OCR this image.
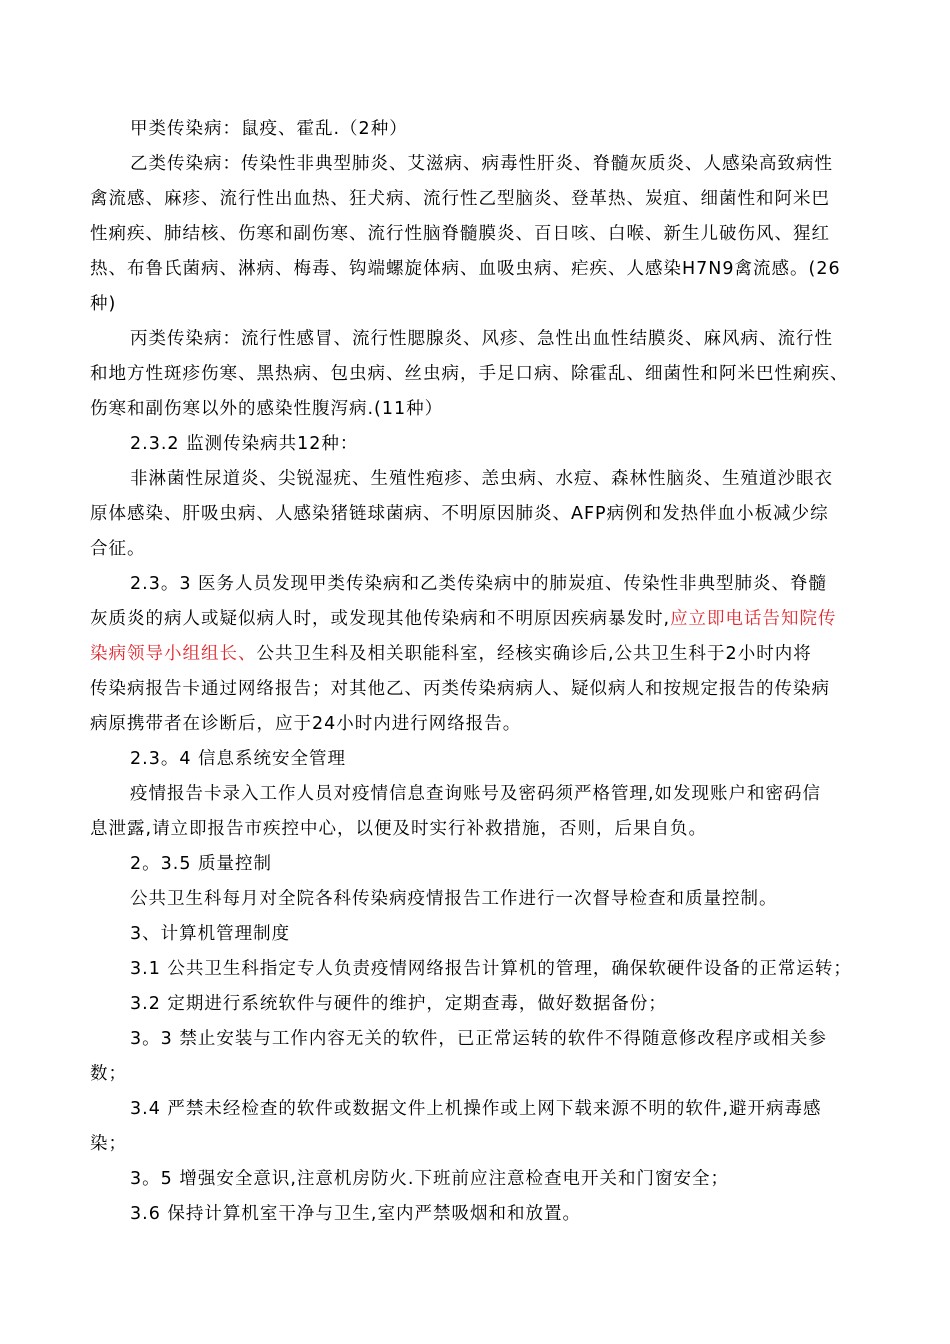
甲类传染病：鼠疫、霍乱.（2种）
乙类传染病：传染性非典型肺炎、艾滋病、病毒性肝炎、脊髓灰质炎、人感染高致病性
禽流感、麻疹、流行性出血热、狂犬病、流行性乙型脑炎、登革热、炭疽、细菌性和阿米巴
性痢疾、肺结核、伤寒和副伤寒、流行性脑脊髓膜炎、百日咳、白喉、新生儿破伤风、猩红
热、布鲁氏菌病、淋病、梅毒、钩端螺旋体病、血吸虫病、疟疾、人感染H7N9禽流感。(26
种)
丙类传染病：流行性感冒、流行性腮腺炎、风疹、急性出血性结膜炎、麻风病、流行性
和地方性斑疹伤寒、黑热病、包虫病、丝虫病，手足口病、除霍乱、细菌性和阿米巴性痢疾、
伤寒和副伤寒以外的感染性腹泻病.(11种）
2.3.2 监测传染病共12种：
非淋菌性尿道炎、尖锐湿疣、生殖性疱疹、恙虫病、水痘、森林性脑炎、生殖道沙眼衣
原体感染、肝吸虫病、人感染猪链球菌病、不明原因肺炎、AFP病例和发热伴血小板减少综
合征。
2.3。3 医务人员发现甲类传染病和乙类传染病中的肺炭疽、传染性非典型肺炎、脊髓
灰质炎的病人或疑似病人时，或发现其他传染病和不明原因疾病暴发时,应立即电话告知院传
染病领导小组组长、公共卫生科及相关职能科室，经核实确诊后,公共卫生科于2小时内将
传染病报告卡通过网络报告；对其他乙、丙类传染病病人、疑似病人和按规定报告的传染病
病原携带者在诊断后，应于24小时内进行网络报告。
2.3。4 信息系统安全管理
疫情报告卡录入工作人员对疫情信息查询账号及密码须严格管理,如发现账户和密码信
息泄露,请立即报告市疾控中心，以便及时实行补救措施，否则，后果自负。
2。3.5 质量控制
公共卫生科每月对全院各科传染病疫情报告工作进行一次督导检查和质量控制。
3、计算机管理制度
3.1 公共卫生科指定专人负责疫情网络报告计算机的管理，确保软硬件设备的正常运转；
3.2 定期进行系统软件与硬件的维护，定期查毒，做好数据备份；
3。3 禁止安装与工作内容无关的软件，已正常运转的软件不得随意修改程序或相关参
数；
3.4 严禁未经检查的软件或数据文件上机操作或上网下载来源不明的软件,避开病毒感
染；
3。5 增强安全意识,注意机房防火.下班前应注意检查电开关和门窗安全；
3.6 保持计算机室干净与卫生,室内严禁吸烟和和放置。
